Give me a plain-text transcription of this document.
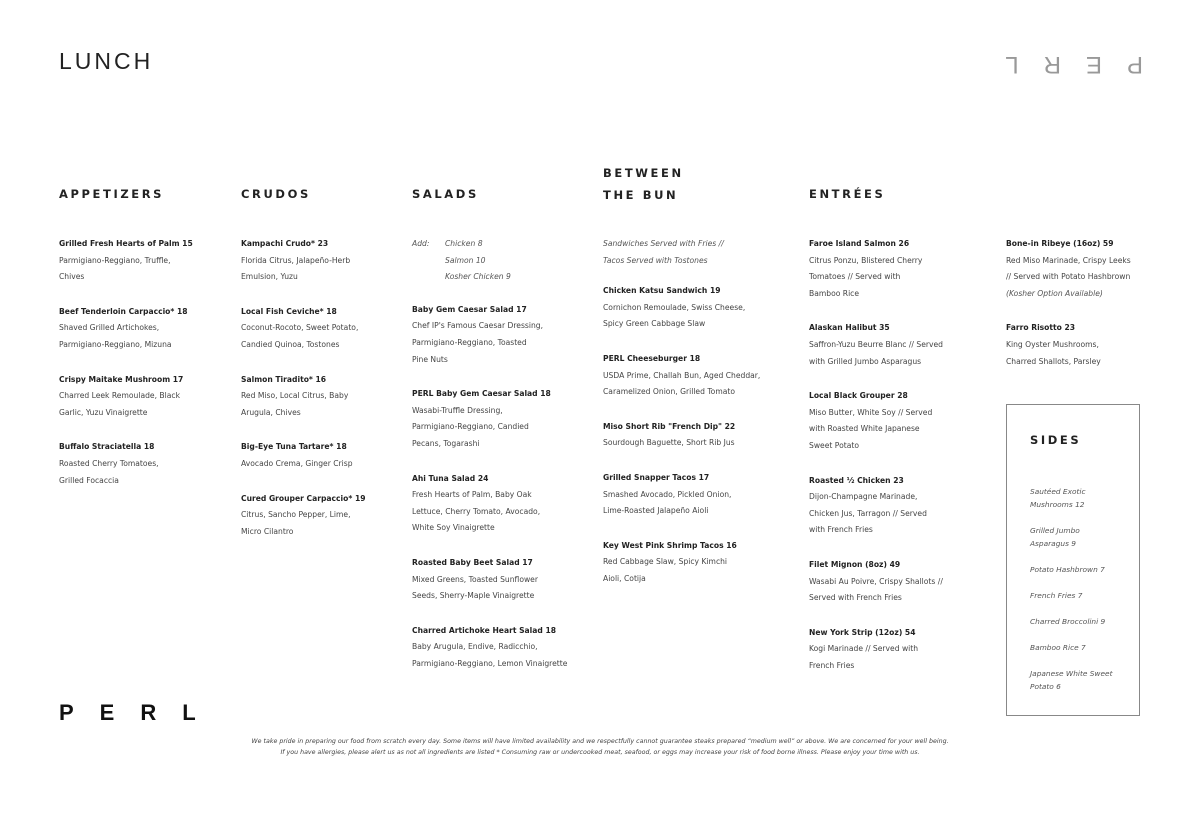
LUNCH	PERL
APPETIZERS	CRUDOS	SALADS
BETWEEN
THE BUN	ENTRÉES
Grilled Fresh Hearts of Palm 15
Parmigiano-Reggiano, Truffle,
Chives
Beef Tenderloin Carpaccio* 18
Shaved Grilled Artichokes,
Parmigiano-Reggiano, Mizuna
Crispy Maitake Mushroom 17
Charred Leek Remoulade, Black
Garlic, Yuzu Vinaigrette
Buffalo Straciatella 18
Roasted Cherry Tomatoes,
Grilled Focaccia
Kampachi Crudo* 23
Florida Citrus, Jalapeño-Herb
Emulsion, Yuzu
Local Fish Ceviche* 18
Coconut-Rocoto, Sweet Potato,
Candied Quinoa, Tostones
Salmon Tiradito* 16
Red Miso, Local Citrus, Baby
Arugula, Chives
Big-Eye Tuna Tartare* 18
Avocado Crema, Ginger Crisp
Cured Grouper Carpaccio* 19
Citrus, Sancho Pepper, Lime,
Micro Cilantro
Add:	Chicken 8
Salmon 10
Kosher Chicken 9
Baby Gem Caesar Salad 17
Chef IP's Famous Caesar Dressing,
Parmigiano-Reggiano, Toasted
Pine Nuts
PERL Baby Gem Caesar Salad 18
Wasabi-Truffle Dressing,
Parmigiano-Reggiano, Candied
Pecans, Togarashi
Ahi Tuna Salad 24
Fresh Hearts of Palm, Baby Oak
Lettuce, Cherry Tomato, Avocado,
White Soy Vinaigrette
Roasted Baby Beet Salad 17
Mixed Greens, Toasted Sunflower
Seeds, Sherry-Maple Vinaigrette
Charred Artichoke Heart Salad 18
Baby Arugula, Endive, Radicchio,
Parmigiano-Reggiano, Lemon Vinaigrette
Sandwiches Served with Fries //
Tacos Served with Tostones
Chicken Katsu Sandwich 19
Cornichon Remoulade, Swiss Cheese,
Spicy Green Cabbage Slaw
PERL Cheeseburger 18
USDA Prime, Challah Bun, Aged Cheddar,
Caramelized Onion, Grilled Tomato
Miso Short Rib "French Dip" 22
Sourdough Baguette, Short Rib Jus
Grilled Snapper Tacos 17
Smashed Avocado, Pickled Onion,
Lime-Roasted Jalapeño Aioli
Key West Pink Shrimp Tacos 16
Red Cabbage Slaw, Spicy Kimchi
Aioli, Cotija
Faroe Island Salmon 26
Citrus Ponzu, Blistered Cherry
Tomatoes // Served with
Bamboo Rice
Alaskan Halibut 35
Saffron-Yuzu Beurre Blanc // Served
with Grilled Jumbo Asparagus
Local Black Grouper 28
Miso Butter, White Soy // Served
with Roasted White Japanese
Sweet Potato
Roasted ½ Chicken 23
Dijon-Champagne Marinade,
Chicken Jus, Tarragon // Served
with French Fries
Filet Mignon (8oz) 49
Wasabi Au Poivre, Crispy Shallots //
Served with French Fries
New York Strip (12oz) 54
Kogi Marinade // Served with
French Fries
Bone-in Ribeye (16oz) 59
Red Miso Marinade, Crispy Leeks
// Served with Potato Hashbrown
(Kosher Option Available)
Farro Risotto 23
King Oyster Mushrooms,
Charred Shallots, Parsley
SIDES
Sautéed Exotic
Mushrooms 12
Grilled Jumbo
Asparagus 9
Potato Hashbrown 7
French Fries 7
Charred Broccolini 9
Bamboo Rice 7
Japanese White Sweet
Potato 6
PERL
We take pride in preparing our food from scratch every day. Some items will have limited availability and we respectfully cannot guarantee steaks prepared “medium well” or above. We are concerned for your well being.
If you have allergies, please alert us as not all ingredients are listed * Consuming raw or undercooked meat, seafood, or eggs may increase your risk of food borne illness. Please enjoy your time with us.
